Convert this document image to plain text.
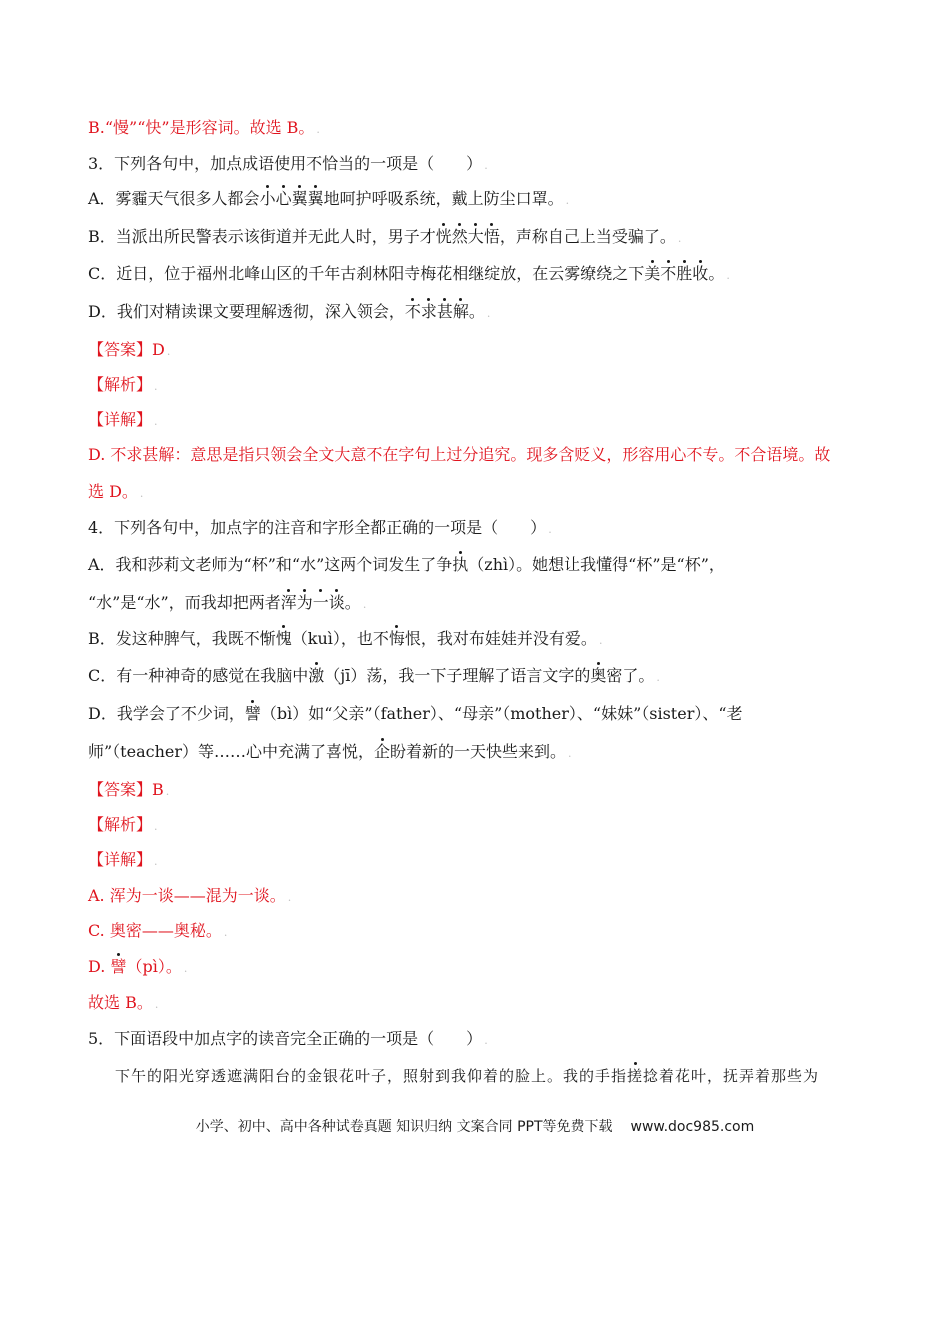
B.“慢”“快”是形容词。故选 B。 .
3．下列各句中，加点成语使用不恰当的一项是（　　） .
A．雾霾天气很多人都会小心翼翼地呵护呼吸系统，戴上防尘口罩。 .
B．当派出所民警表示该街道并无此人时，男子才恍然大悟，声称自己上当受骗了。 .
C．近日，位于福州北峰山区的千年古刹林阳寺梅花相继绽放，在云雾缭绕之下美不胜收。 .
D．我们对精读课文要理解透彻，深入领会，不求甚解。 .
【答案】D .
【解析】 .
【详解】 .
D. 不求甚解：意思是指只领会全文大意不在字句上过分追究。现多含贬义，形容用心不专。不合语境。故
选 D。 .
4．下列各句中，加点字的注音和字形全都正确的一项是（　　） .
A．我和莎莉文老师为“杯”和“水”这两个词发生了争执（zhì）。她想让我懂得“杯”是“杯”，
“水”是“水”，而我却把两者浑为一谈。 .
B．发这种脾气，我既不惭愧（kuì），也不悔恨，我对布娃娃并没有爱。 .
C．有一种神奇的感觉在我脑中激（jī）荡，我一下子理解了语言文字的奥密了。 .
D．我学会了不少词，譬（bì）如“父亲”（father）、“母亲”（mother）、“妹妹”（sister）、“老
师”（teacher）等……心中充满了喜悦，企盼着新的一天快些来到。 .
【答案】B .
【解析】 .
【详解】 .
A. 浑为一谈——混为一谈。 .
C. 奥密——奥秘。 .
D. 譬（pì）。 .
故选 B。 .
5．下面语段中加点字的读音完全正确的一项是（　　） .
下午的阳光穿透遮满阳台的金银花叶子，照射到我仰着的脸上。我的手指搓捻着花叶，抚弄着那些为
小学、初中、高中各种试卷真题 知识归纳 文案合同 PPT等免费下载 www.doc985.com
